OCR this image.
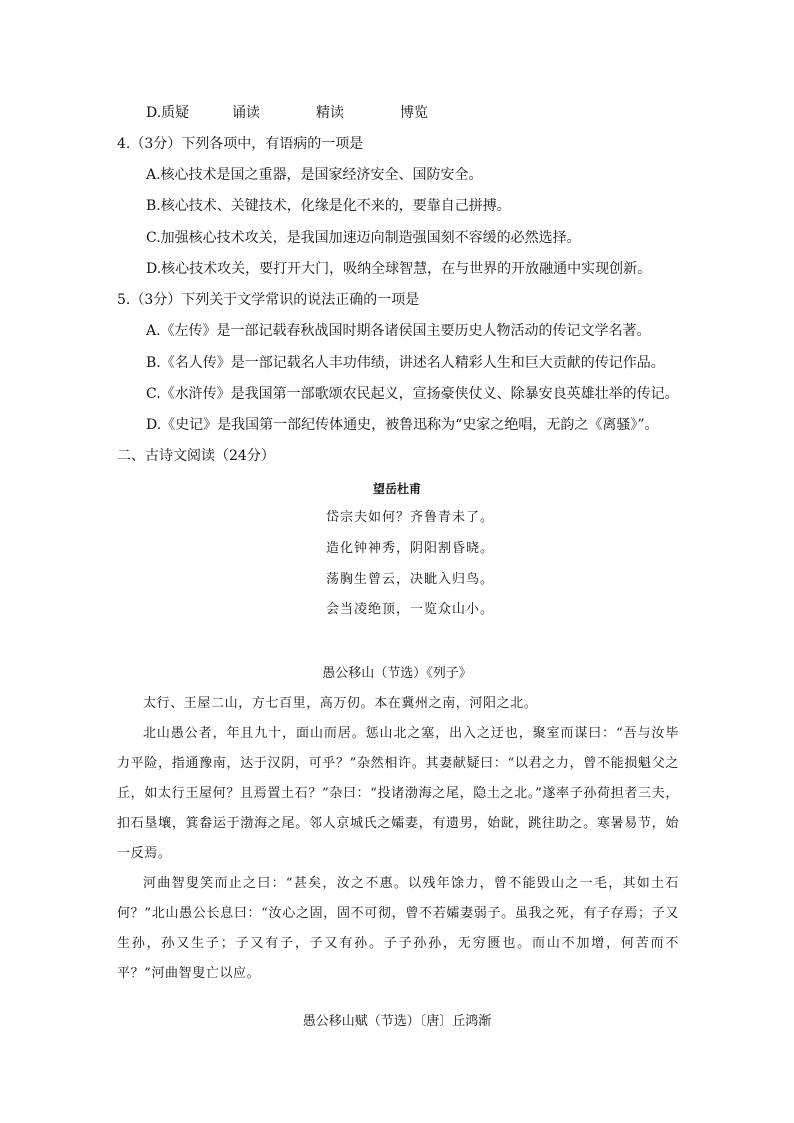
D.质疑	诵读	精读	博览
4.（3分）下列各项中，有语病的一项是
A.核心技术是国之重器，是国家经济安全、国防安全。
B.核心技术、关键技术，化缘是化不来的，要靠自己拼搏。
C.加强核心技术攻关，是我国加速迈向制造强国刻不容缓的必然选择。
D.核心技术攻关，要打开大门，吸纳全球智慧，在与世界的开放融通中实现创新。
5.（3分）下列关于文学常识的说法正确的一项是
A.《左传》是一部记载春秋战国时期各诸侯国主要历史人物活动的传记文学名著。
B.《名人传》是一部记载名人丰功伟绩，讲述名人精彩人生和巨大贡献的传记作品。
C.《水浒传》是我国第一部歌颂农民起义，宣扬豪侠仗义、除暴安良英雄壮举的传记。
D.《史记》是我国第一部纪传体通史，被鲁迅称为“史家之绝唱，无韵之《离骚》”。
二、古诗文阅读（24分）
望岳杜甫
岱宗夫如何？齐鲁青未了。
造化钟神秀，阴阳割昏晓。
荡胸生曾云，决眦入归鸟。
会当凌绝顶，一览众山小。
愚公移山（节选）《列子》

太行、王屋二山，方七百里，高万仞。本在冀州之南，河阳之北。

北山愚公者，年且九十，面山而居。惩山北之塞，出入之迂也，聚室而谋曰：“吾与汝毕力平险，指通豫南，达于汉阴，可乎？”杂然相许。其妻献疑曰：“以君之力，曾不能损魁父之丘，如太行王屋何？且焉置土石？”杂曰：“投诸渤海之尾，隐土之北。”遂率子孙荷担者三夫，扣石垦壤，箕畚运于渤海之尾。邻人京城氏之孀妻，有遗男，始龀，跳往助之。寒暑易节，始一反焉。

河曲智叟笑而止之曰：“甚矣，汝之不惠。以残年馀力，曾不能毁山之一毛，其如土石何？”北山愚公长息曰：“汝心之固，固不可彻，曾不若孀妻弱子。虽我之死，有子存焉；子又生孙，孙又生子；子又有子，子又有孙。子子孙孙，无穷匮也。而山不加增，何苦而不平？”河曲智叟亡以应。

愚公移山赋（节选）〔唐〕丘鸿渐
